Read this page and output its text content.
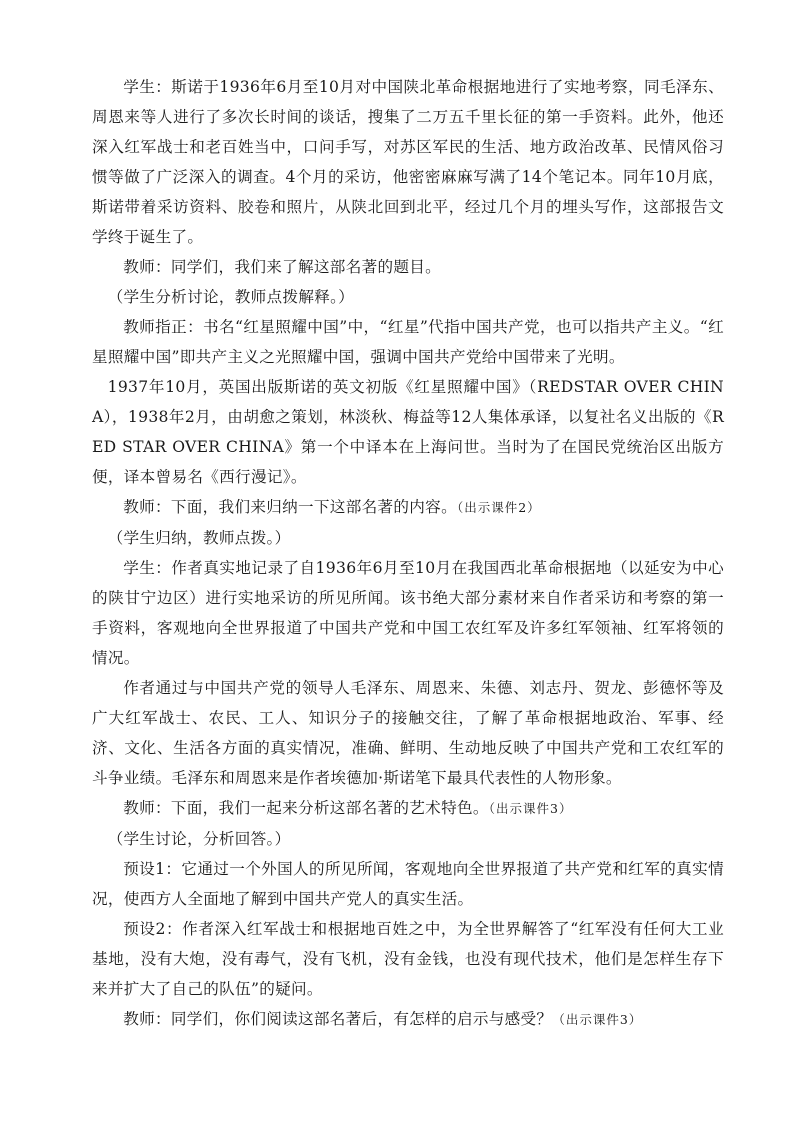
学生：斯诺于1936年6月至10月对中国陕北革命根据地进行了实地考察，同毛泽东、周恩来等人进行了多次长时间的谈话，搜集了二万五千里长征的第一手资料。此外，他还深入红军战士和老百姓当中，口问手写，对苏区军民的生活、地方政治改革、民情风俗习惯等做了广泛深入的调查。4个月的采访，他密密麻麻写满了14个笔记本。同年10月底，斯诺带着采访资料、胶卷和照片，从陕北回到北平，经过几个月的埋头写作，这部报告文学终于诞生了。

教师：同学们，我们来了解这部名著的题目。

（学生分析讨论，教师点拨解释。）

教师指正：书名“红星照耀中国”中，“红星”代指中国共产党，也可以指共产主义。“红星照耀中国”即共产主义之光照耀中国，强调中国共产党给中国带来了光明。

1937年10月，英国出版斯诺的英文初版《红星照耀中国》（REDSTAR OVER CHINA），1938年2月，由胡愈之策划，林淡秋、梅益等12人集体承译，以复社名义出版的《RED STAR OVER CHINA》第一个中译本在上海问世。当时为了在国民党统治区出版方便，译本曾易名《西行漫记》。

教师：下面，我们来归纳一下这部名著的内容。（出示课件2）

（学生归纳，教师点拨。）

学生：作者真实地记录了自1936年6月至10月在我国西北革命根据地（以延安为中心的陕甘宁边区）进行实地采访的所见所闻。该书绝大部分素材来自作者采访和考察的第一手资料，客观地向全世界报道了中国共产党和中国工农红军及许多红军领袖、红军将领的情况。

作者通过与中国共产党的领导人毛泽东、周恩来、朱德、刘志丹、贺龙、彭德怀等及广大红军战士、农民、工人、知识分子的接触交往，了解了革命根据地政治、军事、经济、文化、生活各方面的真实情况，准确、鲜明、生动地反映了中国共产党和工农红军的斗争业绩。毛泽东和周恩来是作者埃德加·斯诺笔下最具代表性的人物形象。

教师：下面，我们一起来分析这部名著的艺术特色。（出示课件3）

（学生讨论，分析回答。）

预设1：它通过一个外国人的所见所闻，客观地向全世界报道了共产党和红军的真实情况，使西方人全面地了解到中国共产党人的真实生活。

预设2：作者深入红军战士和根据地百姓之中，为全世界解答了“红军没有任何大工业基地，没有大炮，没有毒气，没有飞机，没有金钱，也没有现代技术，他们是怎样生存下来并扩大了自己的队伍”的疑问。

教师：同学们，你们阅读这部名著后，有怎样的启示与感受？（出示课件3）
